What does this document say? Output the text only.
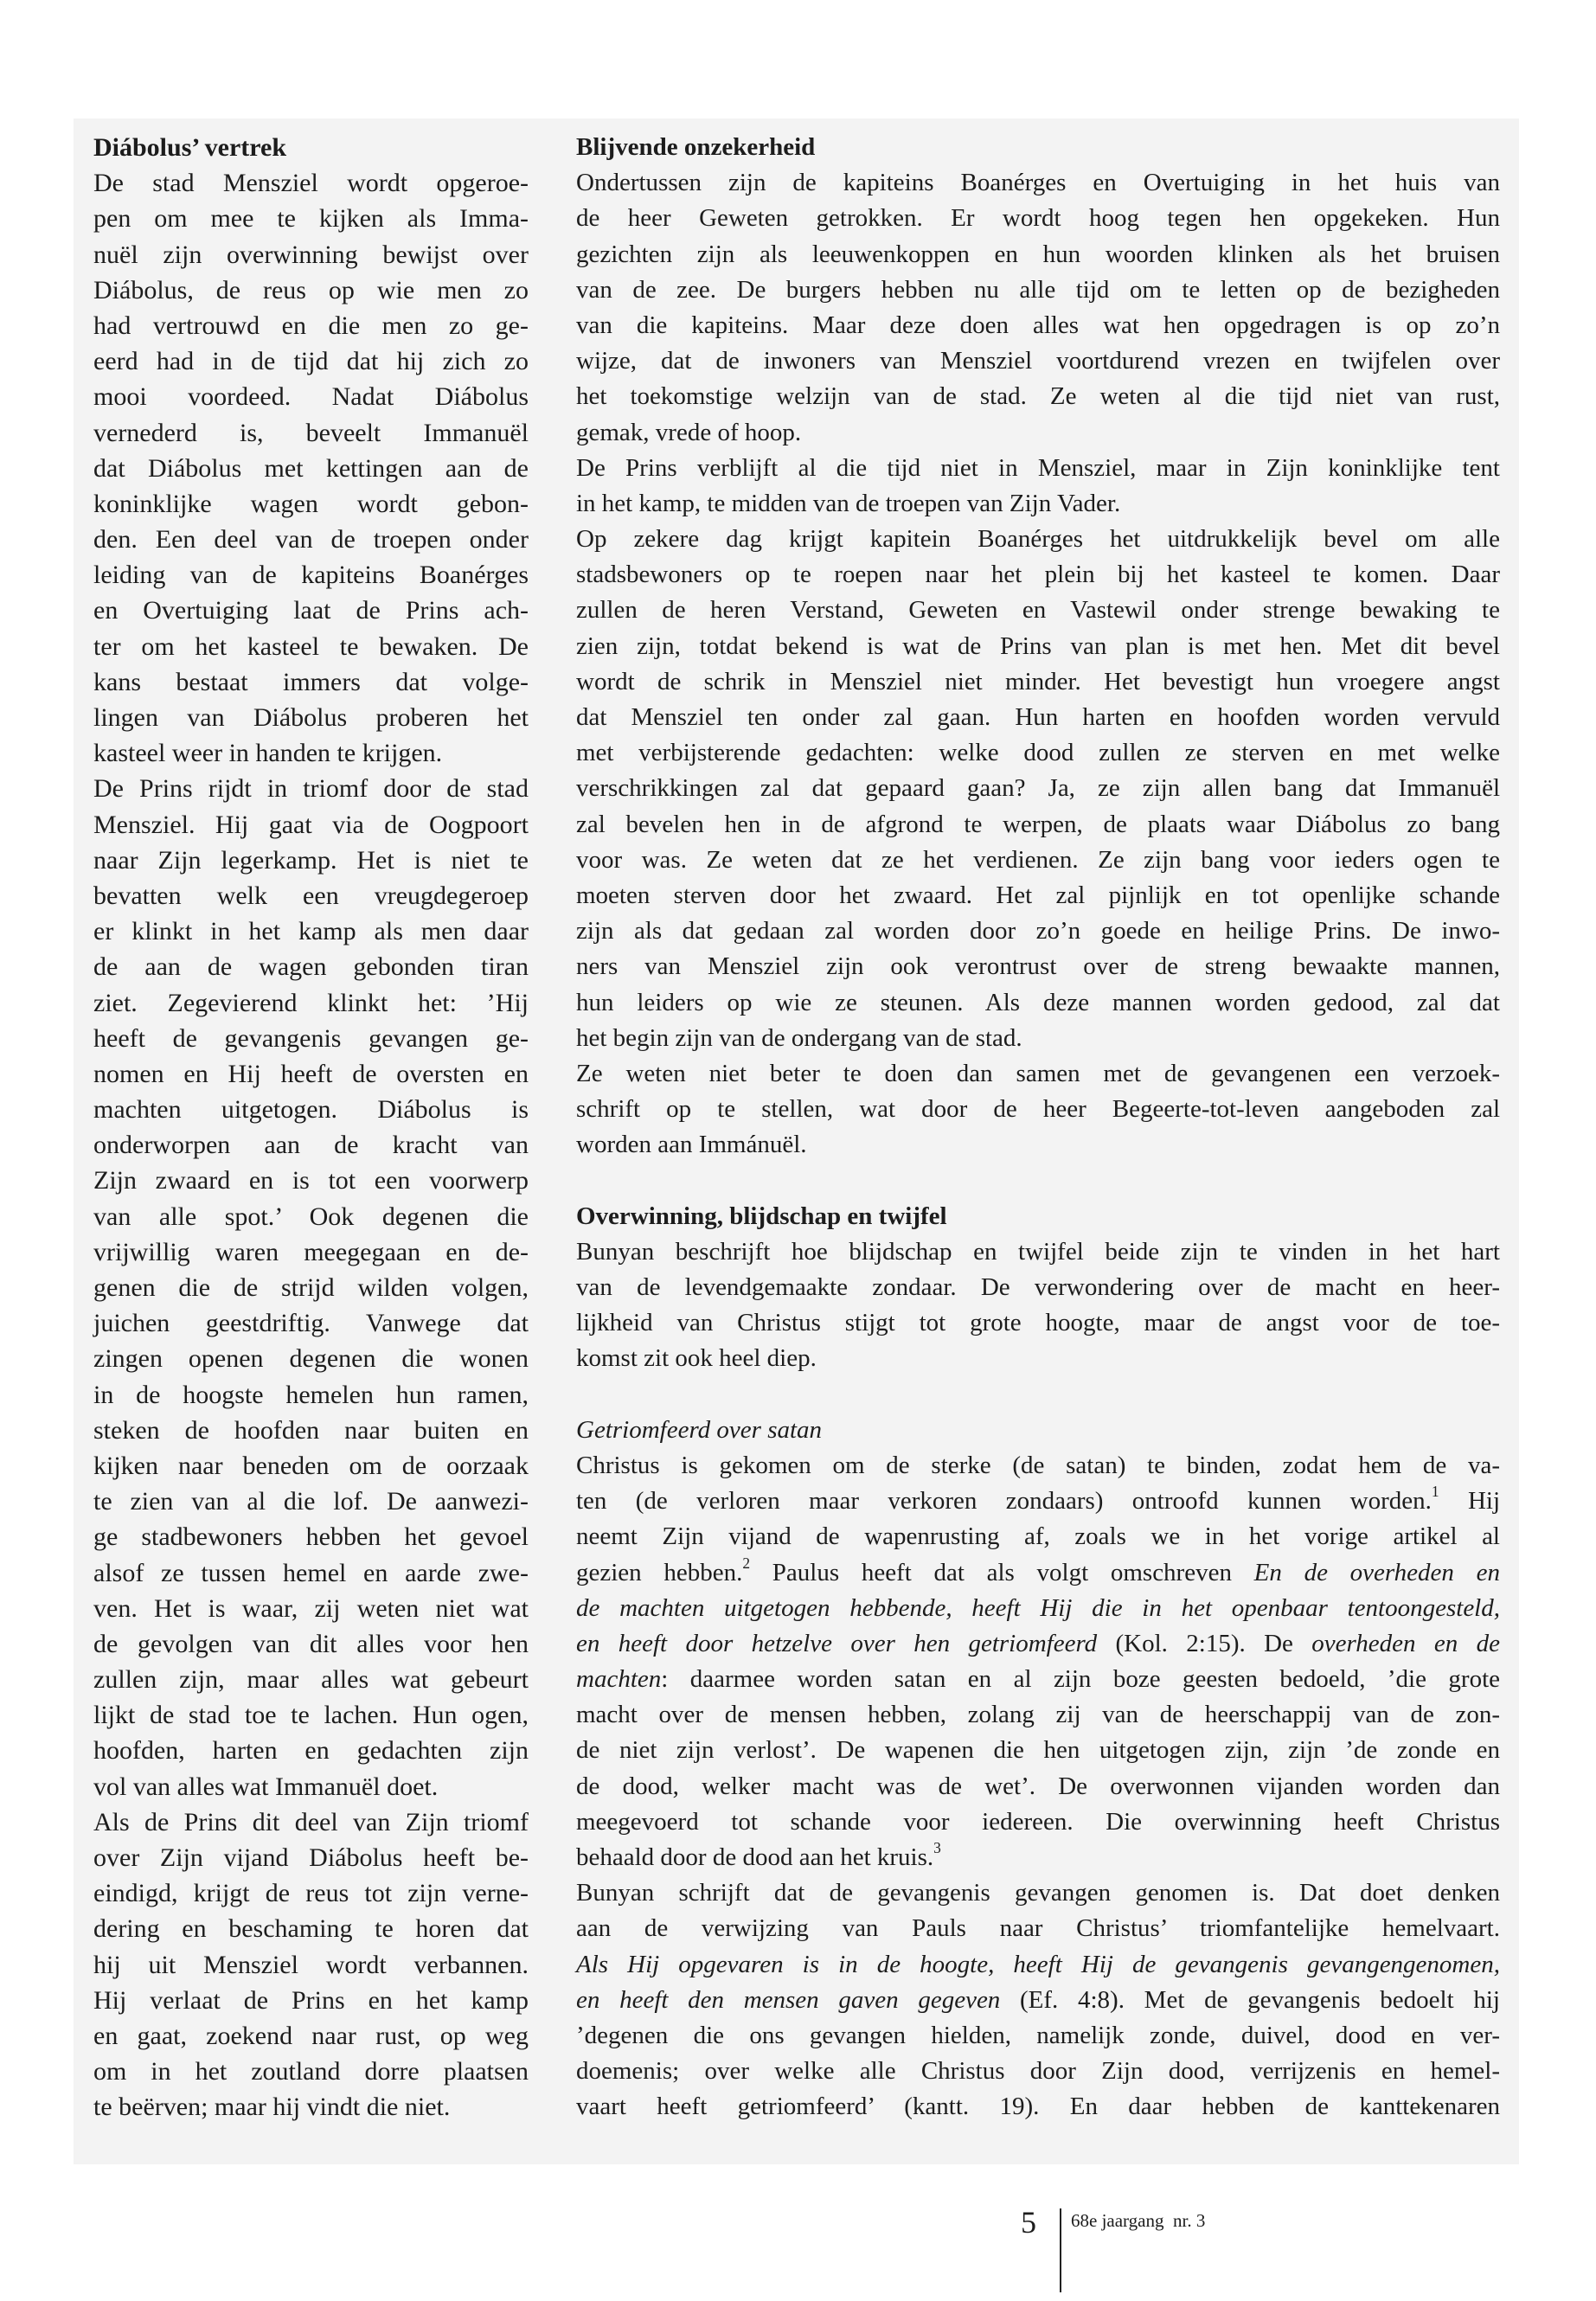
Diábolus’ vertrek
De stad Mensziel wordt opgeroe-
pen om mee te kijken als Imma-
nuël zijn overwinning bewijst over
Diábolus, de reus op wie men zo
had vertrouwd en die men zo ge-
eerd had in de tijd dat hij zich zo
mooi voordeed. Nadat Diábolus
vernederd is, beveelt Immanuël
dat Diábolus met kettingen aan de
koninklijke wagen wordt gebon-
den. Een deel van de troepen onder
leiding van de kapiteins Boanérges
en Overtuiging laat de Prins ach-
ter om het kasteel te bewaken. De
kans bestaat immers dat volge-
lingen van Diábolus proberen het
kasteel weer in handen te krijgen.
De Prins rijdt in triomf door de stad
Mensziel. Hij gaat via de Oogpoort
naar Zijn legerkamp. Het is niet te
bevatten welk een vreugdegeroep
er klinkt in het kamp als men daar
de aan de wagen gebonden tiran
ziet. Zegevierend klinkt het: ’Hij
heeft de gevangenis gevangen ge-
nomen en Hij heeft de oversten en
machten uitgetogen. Diábolus is
onderworpen aan de kracht van
Zijn zwaard en is tot een voorwerp
van alle spot.’ Ook degenen die
vrijwillig waren meegegaan en de-
genen die de strijd wilden volgen,
juichen geestdriftig. Vanwege dat
zingen openen degenen die wonen
in de hoogste hemelen hun ramen,
steken de hoofden naar buiten en
kijken naar beneden om de oorzaak
te zien van al die lof. De aanwezi-
ge stadbewoners hebben het gevoel
alsof ze tussen hemel en aarde zwe-
ven. Het is waar, zij weten niet wat
de gevolgen van dit alles voor hen
zullen zijn, maar alles wat gebeurt
lijkt de stad toe te lachen. Hun ogen,
hoofden, harten en gedachten zijn
vol van alles wat Immanuël doet.
Als de Prins dit deel van Zijn triomf
over Zijn vijand Diábolus heeft be-
eindigd, krijgt de reus tot zijn verne-
dering en beschaming te horen dat
hij uit Mensziel wordt verbannen.
Hij verlaat de Prins en het kamp
en gaat, zoekend naar rust, op weg
om in het zoutland dorre plaatsen
te beërven; maar hij vindt die niet.
Blijvende onzekerheid
Ondertussen zijn de kapiteins Boanérges en Overtuiging in het huis van
de heer Geweten getrokken. Er wordt hoog tegen hen opgekeken. Hun
gezichten zijn als leeuwenkoppen en hun woorden klinken als het bruisen
van de zee. De burgers hebben nu alle tijd om te letten op de bezigheden
van die kapiteins. Maar deze doen alles wat hen opgedragen is op zo’n
wijze, dat de inwoners van Mensziel voortdurend vrezen en twijfelen over
het toekomstige welzijn van de stad. Ze weten al die tijd niet van rust,
gemak, vrede of hoop.
De Prins verblijft al die tijd niet in Mensziel, maar in Zijn koninklijke tent
in het kamp, te midden van de troepen van Zijn Vader.
Op zekere dag krijgt kapitein Boanérges het uitdrukkelijk bevel om alle
stadsbewoners op te roepen naar het plein bij het kasteel te komen. Daar
zullen de heren Verstand, Geweten en Vastewil onder strenge bewaking te
zien zijn, totdat bekend is wat de Prins van plan is met hen. Met dit bevel
wordt de schrik in Mensziel niet minder. Het bevestigt hun vroegere angst
dat Mensziel ten onder zal gaan. Hun harten en hoofden worden vervuld
met verbijsterende gedachten: welke dood zullen ze sterven en met welke
verschrikkingen zal dat gepaard gaan? Ja, ze zijn allen bang dat Immanuël
zal bevelen hen in de afgrond te werpen, de plaats waar Diábolus zo bang
voor was. Ze weten dat ze het verdienen. Ze zijn bang voor ieders ogen te
moeten sterven door het zwaard. Het zal pijnlijk en tot openlijke schande
zijn als dat gedaan zal worden door zo’n goede en heilige Prins. De inwo-
ners van Mensziel zijn ook verontrust over de streng bewaakte mannen,
hun leiders op wie ze steunen. Als deze mannen worden gedood, zal dat
het begin zijn van de ondergang van de stad.
Ze weten niet beter te doen dan samen met de gevangenen een verzoek-
schrift op te stellen, wat door de heer Begeerte-tot-leven aangeboden zal
worden aan Immánuël.

Overwinning, blijdschap en twijfel
Bunyan beschrijft hoe blijdschap en twijfel beide zijn te vinden in het hart
van de levendgemaakte zondaar. De verwondering over de macht en heer-
lijkheid van Christus stijgt tot grote hoogte, maar de angst voor de toe-
komst zit ook heel diep.

Getriomfeerd over satan
Christus is gekomen om de sterke (de satan) te binden, zodat hem de va-
ten (de verloren maar verkoren zondaars) ontroofd kunnen worden.$^1$ Hij
neemt Zijn vijand de wapenrusting af, zoals we in het vorige artikel al
gezien hebben.$^2$ Paulus heeft dat als volgt omschreven En de overheden en
de machten uitgetogen hebbende, heeft Hij die in het openbaar tentoongesteld,
en heeft door hetzelve over hen getriomfeerd (Kol. 2:15). De overheden en de
machten: daarmee worden satan en al zijn boze geesten bedoeld, ’die grote
macht over de mensen hebben, zolang zij van de heerschappij van de zon-
de niet zijn verlost’. De wapenen die hen uitgetogen zijn, zijn ’de zonde en
de dood, welker macht was de wet’. De overwonnen vijanden worden dan
meegevoerd tot schande voor iedereen. Die overwinning heeft Christus
behaald door de dood aan het kruis.$^3$
Bunyan schrijft dat de gevangenis gevangen genomen is. Dat doet denken
aan de verwijzing van Pauls naar Christus’ triomfantelijke hemelvaart.
Als Hij opgevaren is in de hoogte, heeft Hij de gevangenis gevangengenomen,
en heeft den mensen gaven gegeven (Ef. 4:8). Met de gevangenis bedoelt hij
’degenen die ons gevangen hielden, namelijk zonde, duivel, dood en ver-
doemenis; over welke alle Christus door Zijn dood, verrijzenis en hemel-
vaart heeft getriomfeerd’ (kantt. 19). En daar hebben de kanttekenaren
5 68e jaargang nr. 3
